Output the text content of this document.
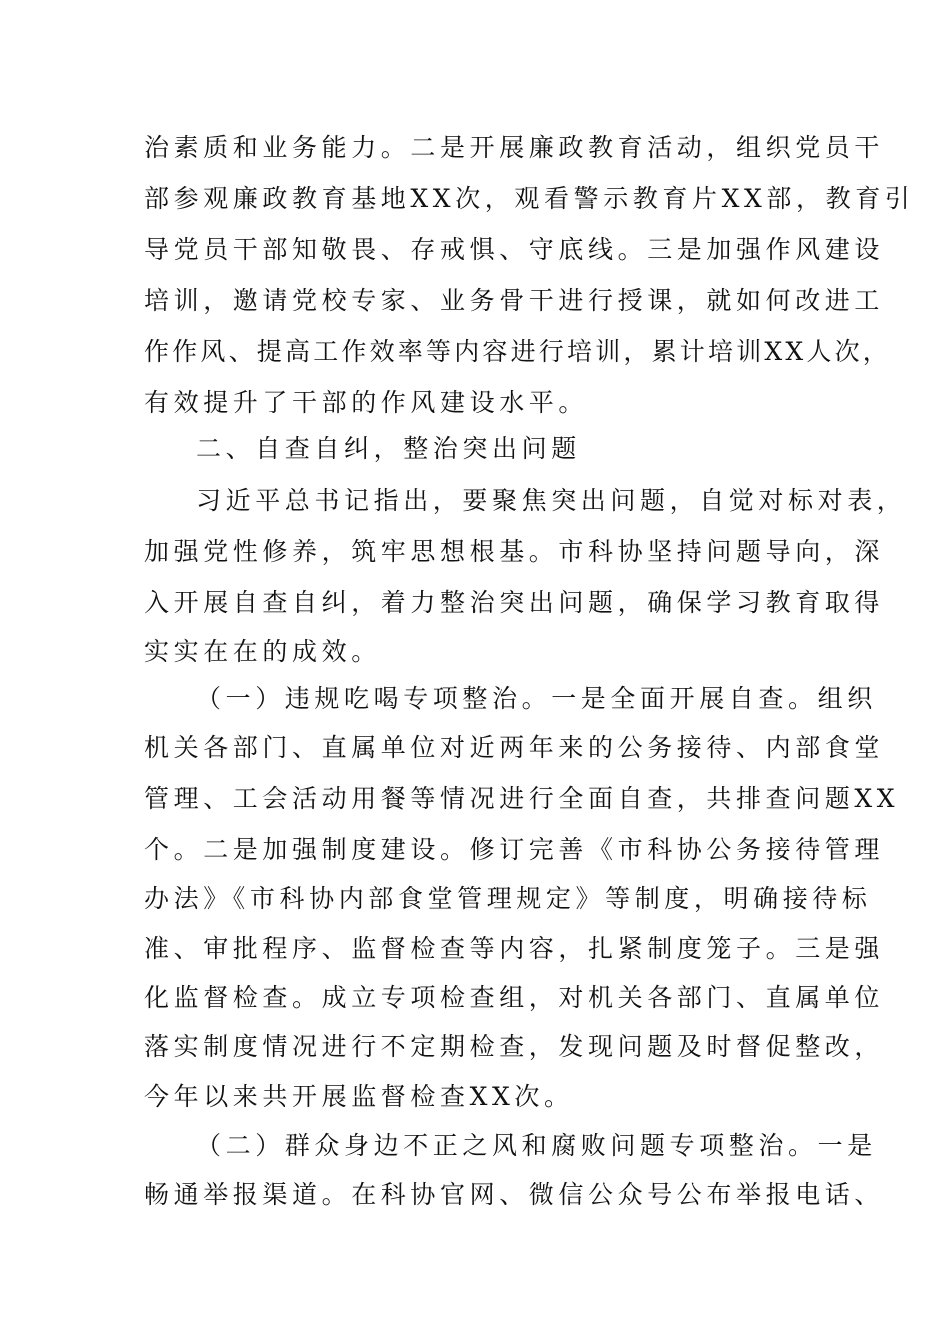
治素质和业务能力。二是开展廉政教育活动，组织党员干
部参观廉政教育基地XX次，观看警示教育片XX部，教育引
导党员干部知敬畏、存戒惧、守底线。三是加强作风建设
培训，邀请党校专家、业务骨干进行授课，就如何改进工
作作风、提高工作效率等内容进行培训，累计培训XX人次，
有效提升了干部的作风建设水平。
二、自查自纠，整治突出问题
习近平总书记指出，要聚焦突出问题，自觉对标对表，
加强党性修养，筑牢思想根基。市科协坚持问题导向，深
入开展自查自纠，着力整治突出问题，确保学习教育取得
实实在在的成效。
（一）违规吃喝专项整治。一是全面开展自查。组织
机关各部门、直属单位对近两年来的公务接待、内部食堂
管理、工会活动用餐等情况进行全面自查，共排查问题XX
个。二是加强制度建设。修订完善《市科协公务接待管理
办法》《市科协内部食堂管理规定》等制度，明确接待标
准、审批程序、监督检查等内容，扎紧制度笼子。三是强
化监督检查。成立专项检查组，对机关各部门、直属单位
落实制度情况进行不定期检查，发现问题及时督促整改，
今年以来共开展监督检查XX次。
（二）群众身边不正之风和腐败问题专项整治。一是
畅通举报渠道。在科协官网、微信公众号公布举报电话、
